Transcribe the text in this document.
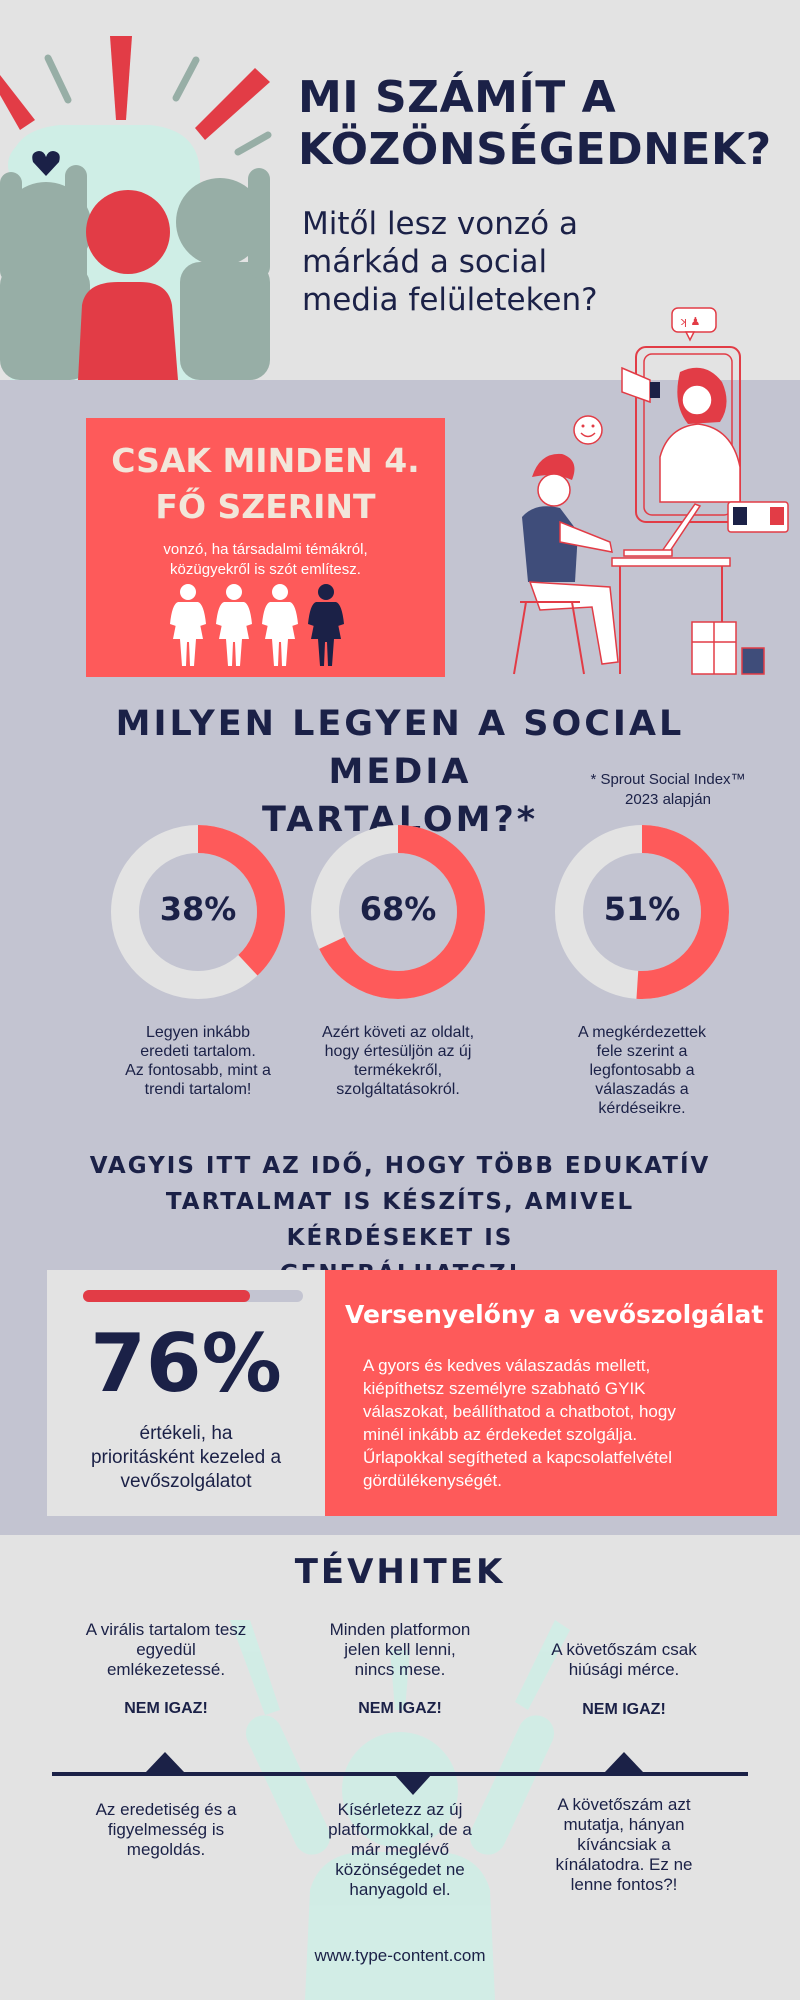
MI SZÁMÍT A
KÖZÖNSÉGEDNEK?
Mitől lesz vonzó a
márkád a social
media felületeken?
CSAK MINDEN 4.
FŐ SZERINT
vonzó, ha társadalmi témákról,
közügyekről is szót említesz.
ʞ ♟
MILYEN LEGYEN A SOCIAL MEDIA
TARTALOM?*
* Sprout Social Index™
2023 alapján
38%
Legyen inkább
eredeti tartalom.
Az fontosabb, mint a
trendi tartalom!
68%
Azért követi az oldalt,
hogy értesüljön az új
termékekről,
szolgáltatásokról.
51%
A megkérdezettek
fele szerint a
legfontosabb a
válaszadás a
kérdéseikre.
VAGYIS ITT AZ IDŐ, HOGY TÖBB EDUKATÍV
TARTALMAT IS KÉSZÍTS, AMIVEL KÉRDÉSEKET IS
76%
értékeli, ha
prioritásként kezeled a
vevőszolgálatot
Versenyelőny a vevőszolgálat
A gyors és kedves válaszadás mellett,
kiépíthetsz személyre szabható GYIK
válaszokat, beállíthatod a chatbotot, hogy
minél inkább az érdekedet szolgálja.
Űrlapokkal segítheted a kapcsolatfelvétel
gördülékenységét.
TÉVHITEK
A virális tartalom tesz
egyedül
emlékezetessé.
NEM IGAZ!
Az eredetiség és a
figyelmesség is
megoldás.
Minden platformon
jelen kell lenni,
nincs mese.
NEM IGAZ!
Kísérletezz az új
platformokkal, de a
már meglévő
közönségedet ne
hanyagold el.
A követőszám csak
hiúsági mérce.
NEM IGAZ!
A követőszám azt
mutatja, hányan
kíváncsiak a
kínálatodra. Ez ne
lenne fontos?!
www.type-content.com
